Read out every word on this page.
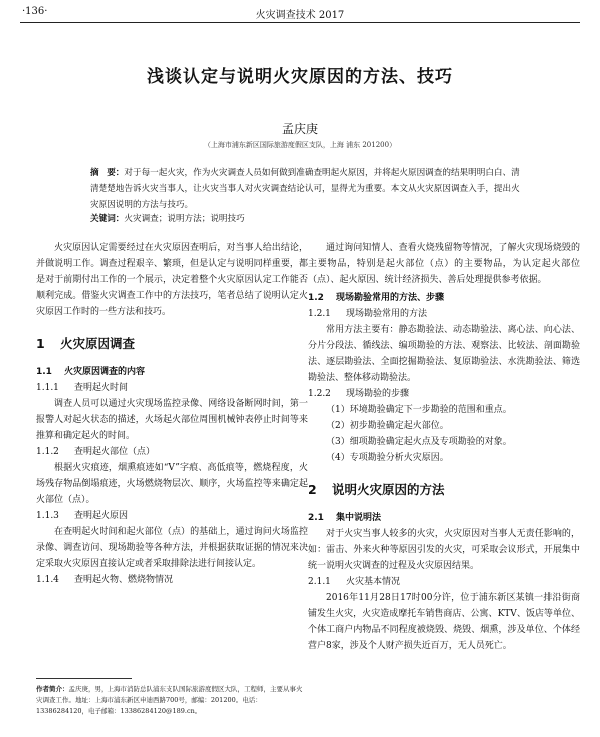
·136·	火灾调查技术 2017
浅谈认定与说明火灾原因的方法、技巧
孟庆庚
（上海市浦东新区国际旅游度假区支队，上海 浦东 201200）
摘　要：对于每一起火灾，作为火灾调查人员如何做到准确查明起火原因，并将起火原因调查的结果明明白白、清清楚楚地告诉火灾当事人，让火灾当事人对火灾调查结论认可，显得尤为重要。本文从火灾原因调查入手，提出火灾原因说明的方法与技巧。
关键词：火灾调查；说明方法；说明技巧

火灾原因认定需要经过在火灾原因查明后，对当事人给出结论，并做说明工作。调查过程艰辛、繁琐，但是认定与说明同样重要，都是对于前期付出工作的一个展示，决定着整个火灾原因认定工作能否顺利完成。借鉴火灾调查工作中的方法技巧，笔者总结了说明认定火灾原因工作时的一些方法和技巧。

1 火灾原因调查
1.1 火灾原因调查的内容
1.1.1 查明起火时间

调查人员可以通过火灾现场监控录像、网络设备断网时间，第一报警人对起火状态的描述，火场起火部位周围机械钟表停止时间等来推算和确定起火的时间。

1.1.2 查明起火部位（点）

根据火灾痕迹，烟熏痕迹如“V”字痕、高低痕等，燃烧程度，火场残存物品倒塌痕迹，火场燃烧物层次、顺序，火场监控等来确定起火部位（点）。

1.1.3 查明起火原因

在查明起火时间和起火部位（点）的基础上，通过询问火场监控录像、调查访问、现场勘验等各种方法，并根据获取证据的情况来决定采取火灾原因直接认定或者采取排除法进行间接认定。

1.1.4 查明起火物、燃烧物情况

通过询问知情人、查看火烧残留物等情况，了解火灾现场烧毁的主要物品，特别是起火部位（点）的主要物品，为认定起火部位（点）、起火原因、统计经济损失、善后处理提供参考依据。

1.2 现场勘验常用的方法、步骤
1.2.1 现场勘验常用的方法

常用方法主要有：静态勘验法、动态勘验法、离心法、向心法、分片分段法、循线法、编项勘验的方法、观察法、比较法、剖面勘验法、逐层勘验法、全面挖掘勘验法、复原勘验法、水洗勘验法、筛选勘验法、整体移动勘验法。

1.2.2 现场勘验的步骤

（1）环境勘验确定下一步勘验的范围和重点。

（2）初步勘验确定起火部位。

（3）细项勘验确定起火点及专项勘验的对象。

（4）专项勘验分析火灾原因。

2 说明火灾原因的方法
2.1 集中说明法

对于火灾当事人较多的火灾，火灾原因对当事人无责任影响的，如：雷击、外来火种等原因引发的火灾，可采取会议形式，开展集中统一说明火灾调查的过程及火灾原因结果。

2.1.1 火灾基本情况

2016年11月28日17时00分许，位于浦东新区某镇一排沿街商铺发生火灾，火灾造成摩托车销售商店、公寓、KTV、饭店等单位、个体工商户内物品不同程度被烧毁、烧毁、烟熏，涉及单位、个体经营户8家，涉及个人财产损失近百万，无人员死亡。

作者简介：孟庆庚，男，上海市消防总队浦东支队国际旅游度假区大队，工程师，主要从事火灾调查工作。地址：上海市浦东新区申迪西路700号，邮编：201200。电话：13386284120，电子邮箱：13386284120@189.cn。
